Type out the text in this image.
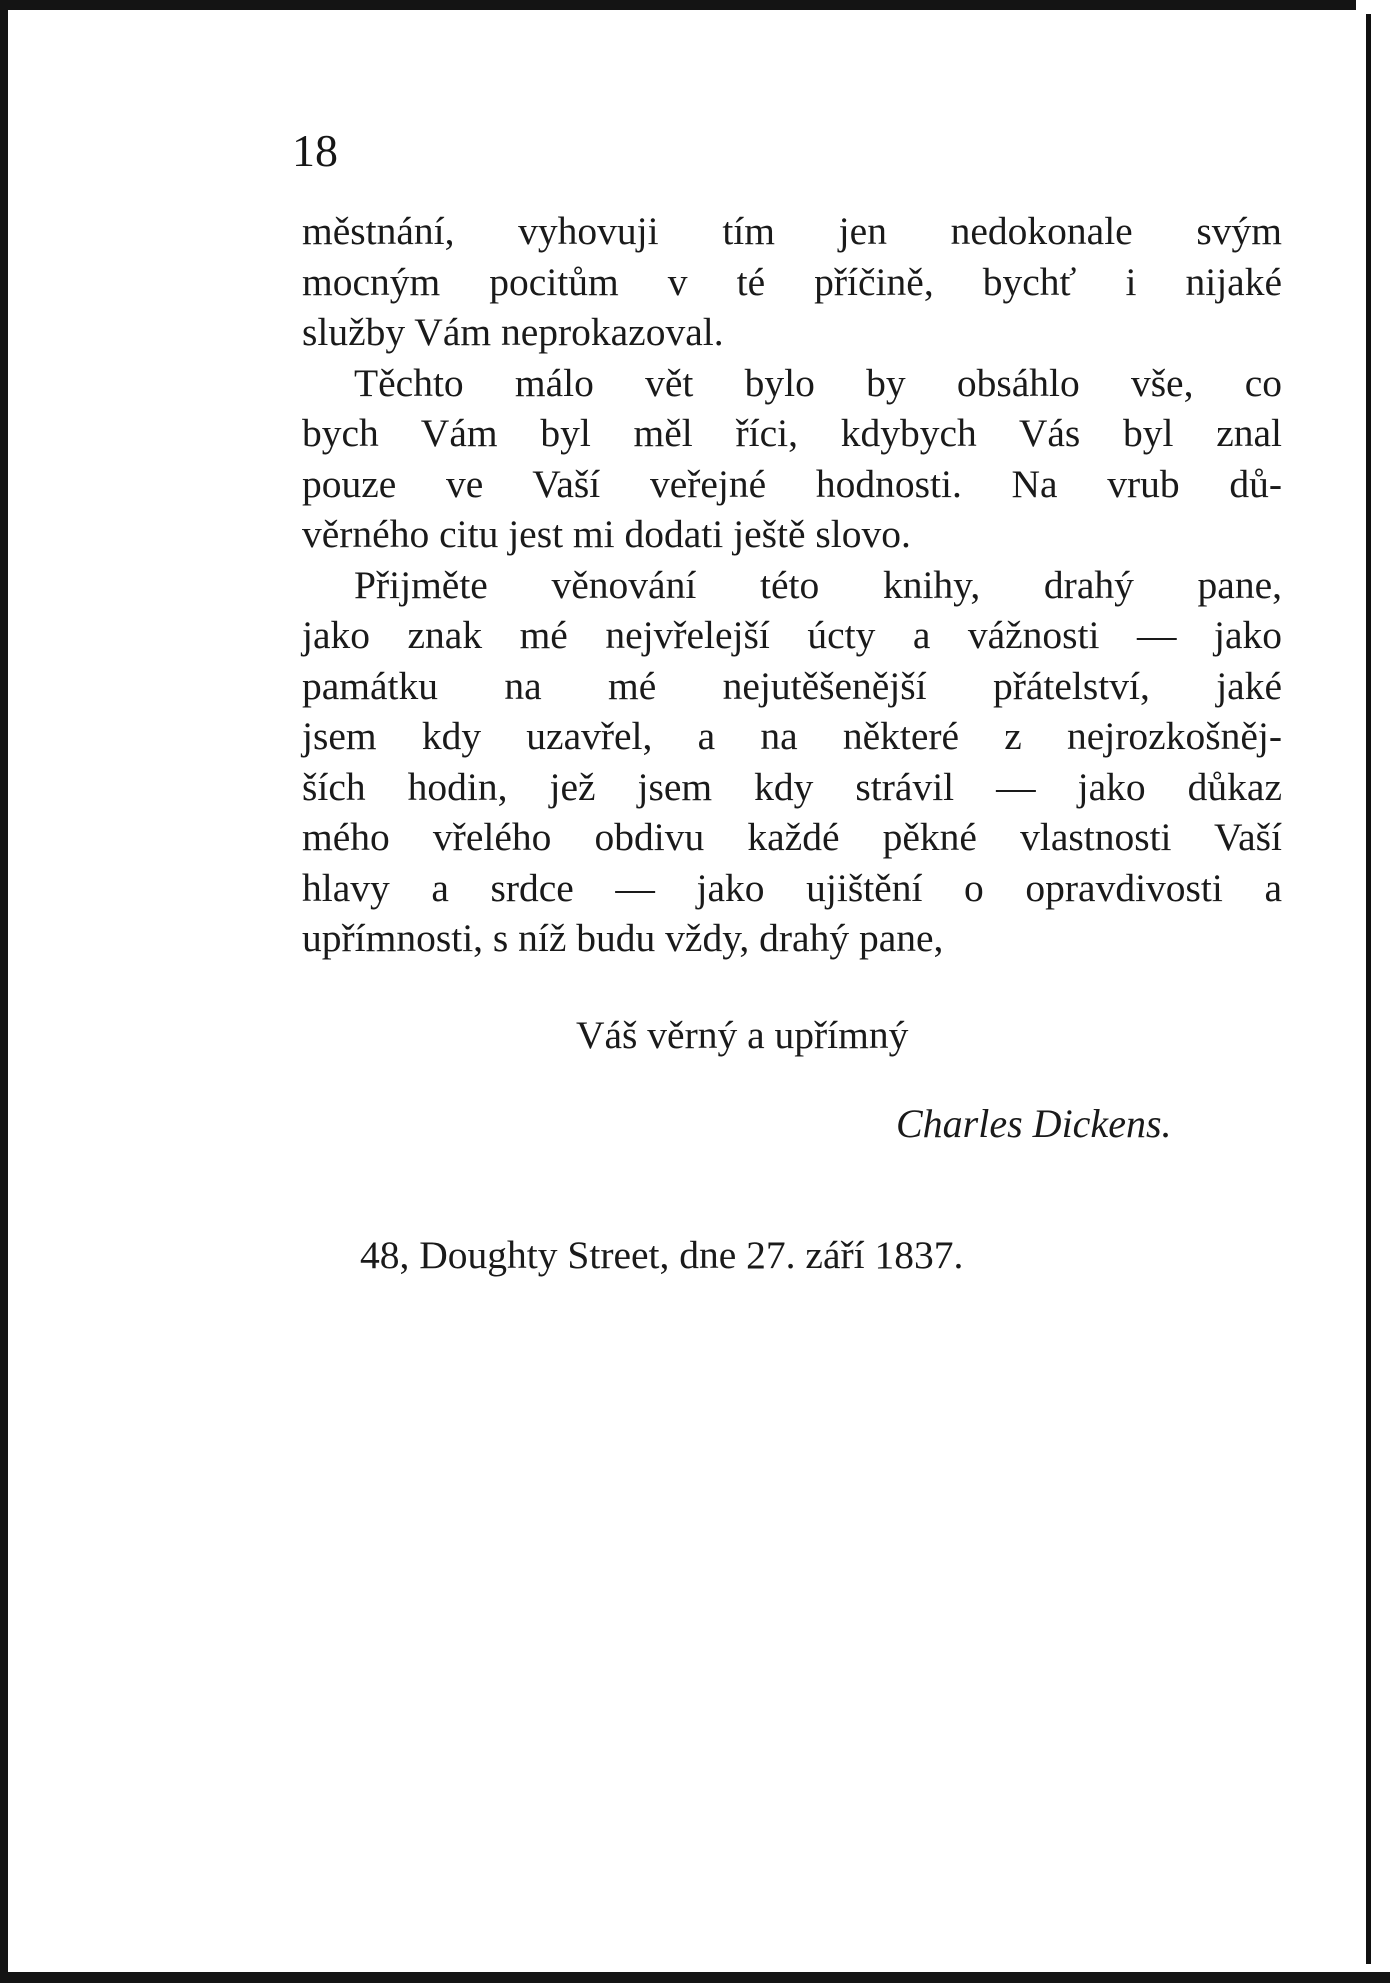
18

městnání, vyhovuji tím jen nedokonale svým
mocným pocitům v té příčině, bychť i nijaké
služby Vám neprokazoval.
Těchto málo vět bylo by obsáhlo vše, co
bych Vám byl měl říci, kdybych Vás byl znal
pouze ve Vaší veřejné hodnosti. Na vrub dů-
věrného citu jest mi dodati ještě slovo.
Přijměte věnování této knihy, drahý pane,
jako znak mé nejvřelejší úcty a vážnosti — jako
památku na mé nejutěšenější přátelství, jaké
jsem kdy uzavřel, a na některé z nejrozkošněj-
ších hodin, jež jsem kdy strávil — jako důkaz
mého vřelého obdivu každé pěkné vlastnosti Vaší
hlavy a srdce — jako ujištění o opravdivosti a
upřímnosti, s níž budu vždy, drahý pane,

Váš věrný a upřímný

Charles Dickens.

48, Doughty Street, dne 27. září 1837.
